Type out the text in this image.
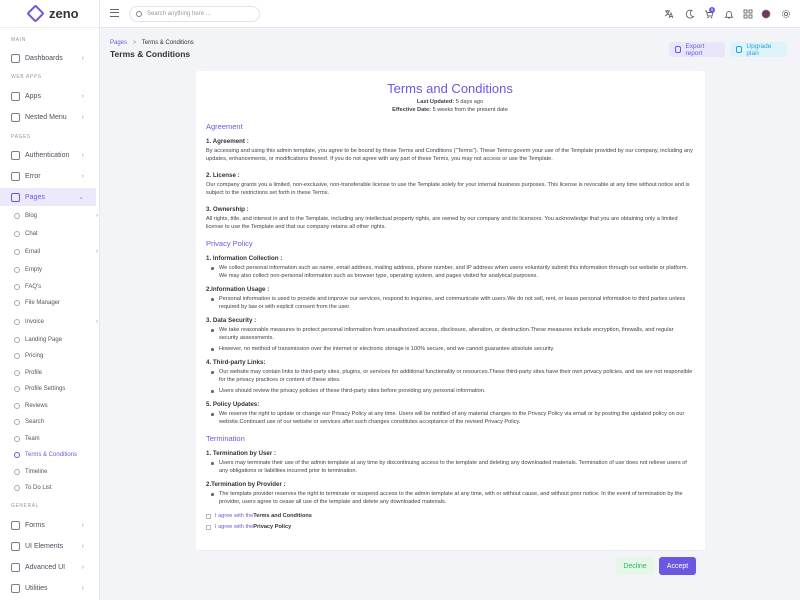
zeno
MAIN
Dashboards	›
WEB APPS
Apps	›
Nested Menu ›
PAGES
Authentication ›
Error	›
Pages	⌄
Blog	›
Chat
Email	›
Empty
FAQ's
File Manager
Invoice	›
Landing Page
Pricing
Profile
Profile Settings
Reviews
Search
Team
Terms & Conditions
Timeline
To Do List
GENERAL
Forms	›
UI Elements	›
Advanced UI ›
Utilities	›
Search anything here ...
5
Pages > Terms & Conditions
Terms & Conditions
Export report
Upgrade plan
Terms and Conditions
Last Updated: 5 days ago
Effective Date: 5 weeks from the present date
Agreement
1. Agreement :

By accessing and using this admin template, you agree to be bound by these Terms and Conditions ("Terms"). These Terms govern your use of the Template provided by our company, including any updates, enhancements, or modifications thereof. If you do not agree with any part of these Terms, you may not access or use the Template.

2. License :

Our company grants you a limited, non-exclusive, non-transferable license to use the Template solely for your internal business purposes. This license is revocable at any time without notice and is subject to the restrictions set forth in these Terms.

3. Ownership :

All rights, title, and interest in and to the Template, including any intellectual property rights, are owned by our company and its licensors. You acknowledge that you are obtaining only a limited license to use the Template and that our company retains all other rights.

Privacy Policy
1. Information Collection :
We collect personal information such as name, email address, mailing address, phone number, and IP address when users voluntarily submit this information through our website or platform. We may also collect non-personal information such as browser type, operating system, and pages visited for analytical purposes.
2.Information Usage :
Personal information is used to provide and improve our services, respond to inquiries, and communicate with users.We do not sell, rent, or lease personal information to third parties unless required by law or with explicit consent from the user.
3. Data Security :
We take reasonable measures to protect personal information from unauthorized access, disclosure, alteration, or destruction.These measures include encryption, firewalls, and regular security assessments.
However, no method of transmission over the internet or electronic storage is 100% secure, and we cannot guarantee absolute security.
4. Third-party Links:
Our website may contain links to third-party sites, plugins, or services for additional functionality or resources.These third-party sites have their own privacy policies, and we are not responsible for the privacy practices or content of these sites.
Users should review the privacy policies of these third-party sites before providing any personal information.
5. Policy Updates:
We reserve the right to update or change our Privacy Policy at any time. Users will be notified of any material changes to the Privacy Policy via email or by posting the updated policy on our website.Continued use of our website or services after such changes constitutes acceptance of the revised Privacy Policy.
Termination
1. Termination by User :
Users may terminate their use of the admin template at any time by discontinuing access to the template and deleting any downloaded materials. Termination of use does not relieve users of any obligations or liabilities incurred prior to termination.
2.Termination by Provider :
The template provider reserves the right to terminate or suspend access to the admin template at any time, with or without cause, and without prior notice. In the event of termination by the provider, users agree to cease all use of the template and delete any downloaded materials.
I agree with the Terms and Conditions
I agree with the Privacy Policy
Decline	Accept
